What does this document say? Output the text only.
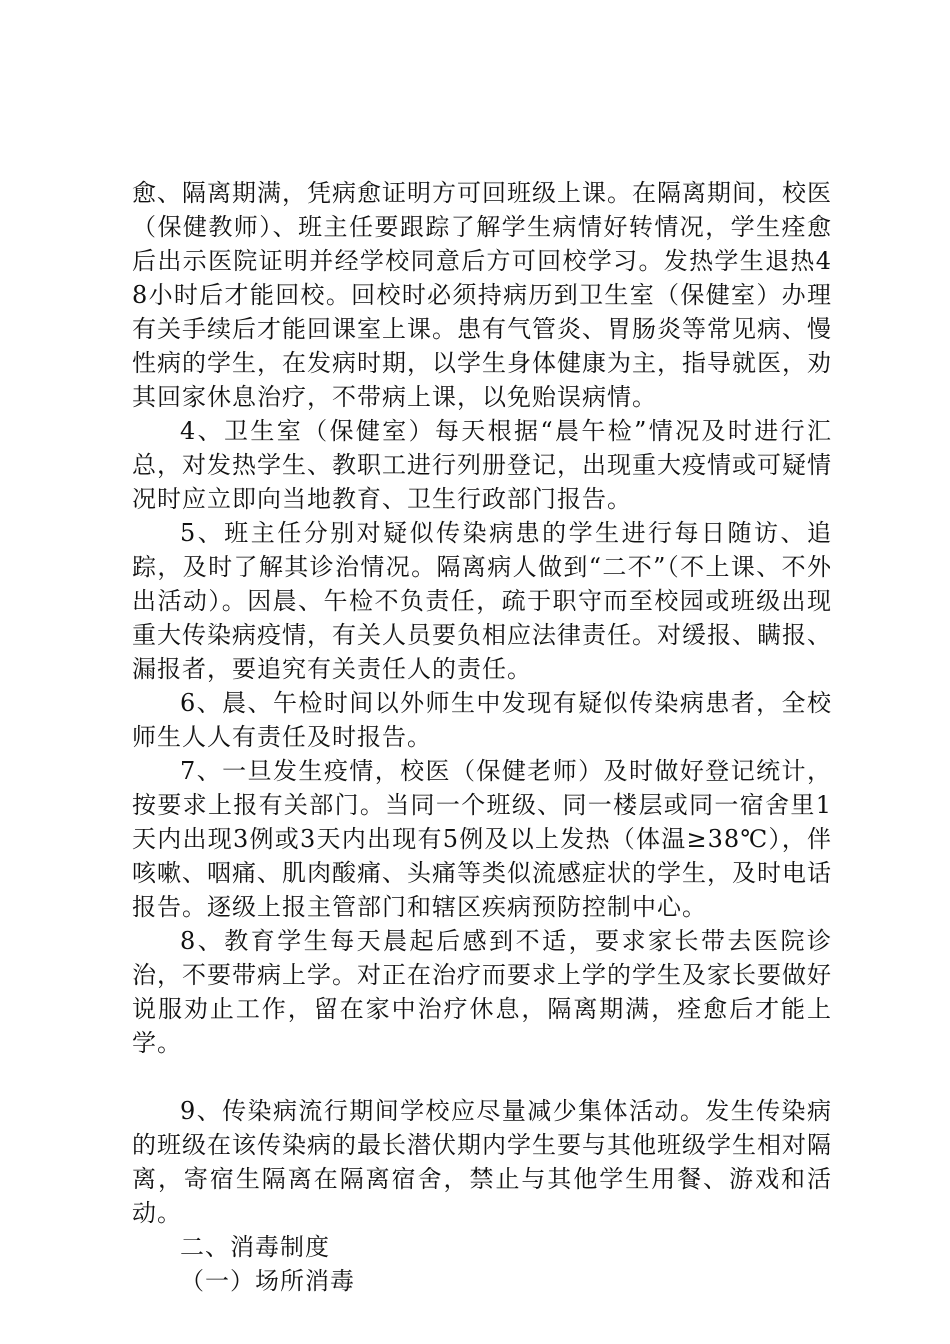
愈、隔离期满，凭病愈证明方可回班级上课。在隔离期间，校医（保健教师）、班主任要跟踪了解学生病情好转情况，学生痊愈后出示医院证明并经学校同意后方可回校学习。发热学生退热48小时后才能回校。回校时必须持病历到卫生室（保健室）办理有关手续后才能回课室上课。患有气管炎、胃肠炎等常见病、慢性病的学生，在发病时期，以学生身体健康为主，指导就医，劝其回家休息治疗，不带病上课，以免贻误病情。

4、卫生室（保健室）每天根据“晨午检”情况及时进行汇总，对发热学生、教职工进行列册登记，出现重大疫情或可疑情况时应立即向当地教育、卫生行政部门报告。

5、班主任分别对疑似传染病患的学生进行每日随访、追踪，及时了解其诊治情况。隔离病人做到“二不”（不上课、不外出活动）。因晨、午检不负责任，疏于职守而至校园或班级出现重大传染病疫情，有关人员要负相应法律责任。对缓报、瞒报、漏报者，要追究有关责任人的责任。

6、晨、午检时间以外师生中发现有疑似传染病患者，全校师生人人有责任及时报告。

7、一旦发生疫情，校医（保健老师）及时做好登记统计，按要求上报有关部门。当同一个班级、同一楼层或同一宿舍里1天内出现3例或3天内出现有5例及以上发热（体温≥38℃），伴咳嗽、咽痛、肌肉酸痛、头痛等类似流感症状的学生，及时电话报告。逐级上报主管部门和辖区疾病预防控制中心。

8、教育学生每天晨起后感到不适，要求家长带去医院诊治，不要带病上学。对正在治疗而要求上学的学生及家长要做好说服劝止工作，留在家中治疗休息，隔离期满，痊愈后才能上学。

9、传染病流行期间学校应尽量减少集体活动。发生传染病的班级在该传染病的最长潜伏期内学生要与其他班级学生相对隔离，寄宿生隔离在隔离宿舍，禁止与其他学生用餐、游戏和活动。

二、消毒制度

（一）场所消毒
